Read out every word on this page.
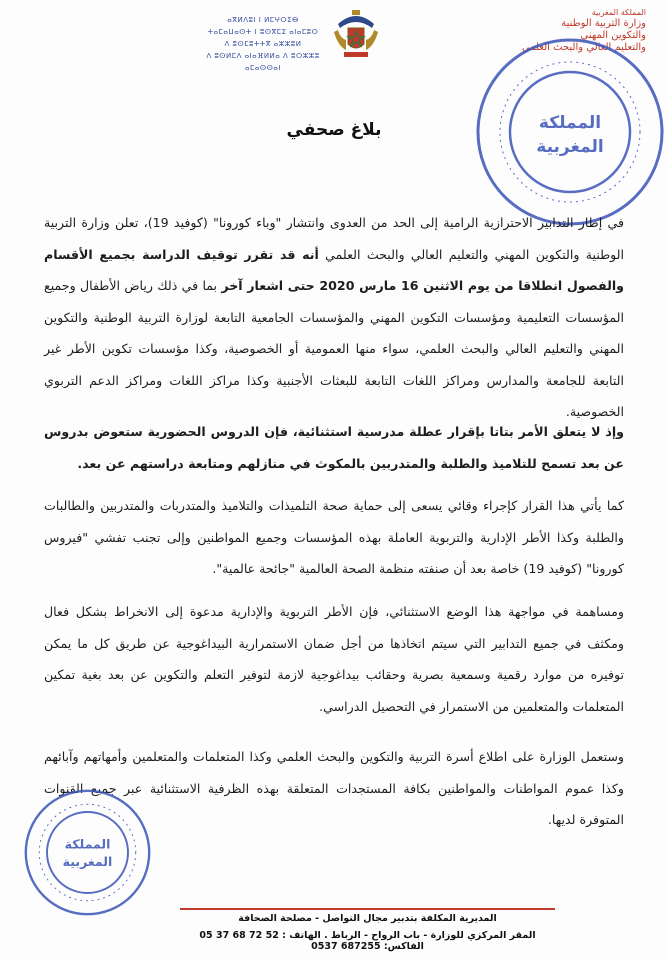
المملكة المغربية
وزارة التربية الوطنية
والتكوين المهني
والتعليم العالي والبحث العلمي
ⴰⴳⵍⴷⵓⵏ ⵏ ⵍⵎⵖⵔⵉⴱ
ⵜⴰⵎⴰⵡⴰⵙⵜ ⵏ ⵓⵙⴳⵎⵉ ⴰⵏⴰⵎⵓⵔ
ⴷ ⵓⵙⵎⵓⵜⵜⴳ ⴰⵣⵣⵓⵍ
ⴷ ⵓⵙⵍⵎⴷ ⴰⵏⴰⴼⵍⵍⴰ ⴷ ⵓⵔⵣⵣⵓ ⴰⵎⴰⵙⵙⴰⵏ
المملكة
المغربية
بلاغ صحفي
في إطار التدابير الاحترازية الرامية إلى الحد من العدوى وانتشار "وباء كورونا" (كوفيد 19)، تعلن وزارة التربية الوطنية والتكوين المهني والتعليم العالي والبحث العلمي أنه قد تقرر توقيف الدراسة بجميع الأقسام والفصول انطلاقا من يوم الاثنين 16 مارس 2020 حتى اشعار آخر بما في ذلك رياض الأطفال وجميع المؤسسات التعليمية ومؤسسات التكوين المهني والمؤسسات الجامعية التابعة لوزارة التربية الوطنية والتكوين المهني والتعليم العالي والبحث العلمي، سواء منها العمومية أو الخصوصية، وكذا مؤسسات تكوين الأطر غير التابعة للجامعة والمدارس ومراكز اللغات التابعة للبعثات الأجنبية وكذا مراكز اللغات ومراكز الدعم التربوي الخصوصية.
وإذ لا يتعلق الأمر بتاتا بإقرار عطلة مدرسية استثنائية، فإن الدروس الحضورية ستعوض بدروس عن بعد تسمح للتلاميذ والطلبة والمتدربين بالمكوث في منازلهم ومتابعة دراستهم عن بعد.
كما يأتي هذا القرار كإجراء وقائي يسعى إلى حماية صحة التلميذات والتلاميذ والمتدربات والمتدربين والطالبات والطلبة وكذا الأطر الإدارية والتربوية العاملة بهذه المؤسسات وجميع المواطنين وإلى تجنب تفشي "فيروس كورونا" (كوفيد 19) خاصة بعد أن صنفته منظمة الصحة العالمية "جائحة عالمية".
ومساهمة في مواجهة هذا الوضع الاستثنائي، فإن الأطر التربوية والإدارية مدعوة إلى الانخراط بشكل فعال ومكثف في جميع التدابير التي سيتم اتخاذها من أجل ضمان الاستمرارية البيداغوجية عن طريق كل ما يمكن توفيره من موارد رقمية وسمعية بصرية وحقائب بيداغوجية لازمة لتوفير التعلم والتكوين عن بعد بغية تمكين المتعلمات والمتعلمين من الاستمرار في التحصيل الدراسي.
وستعمل الوزارة على اطلاع أسرة التربية والتكوين والبحث العلمي وكذا المتعلمات والمتعلمين وأمهاتهم وآبائهم وكذا عموم المواطنات والمواطنين بكافة المستجدات المتعلقة بهذه الظرفية الاستثنائية عبر جميع القنوات المتوفرة لديها.
المملكة
المغربية
المديرية المكلفة بتدبير مجال التواصل - مصلحة الصحافة
المقر المركزي للوزارة - باب الرواح - الرباط . الهاتف : 52 72 68 37 05 الفاكس: 687255 0537
